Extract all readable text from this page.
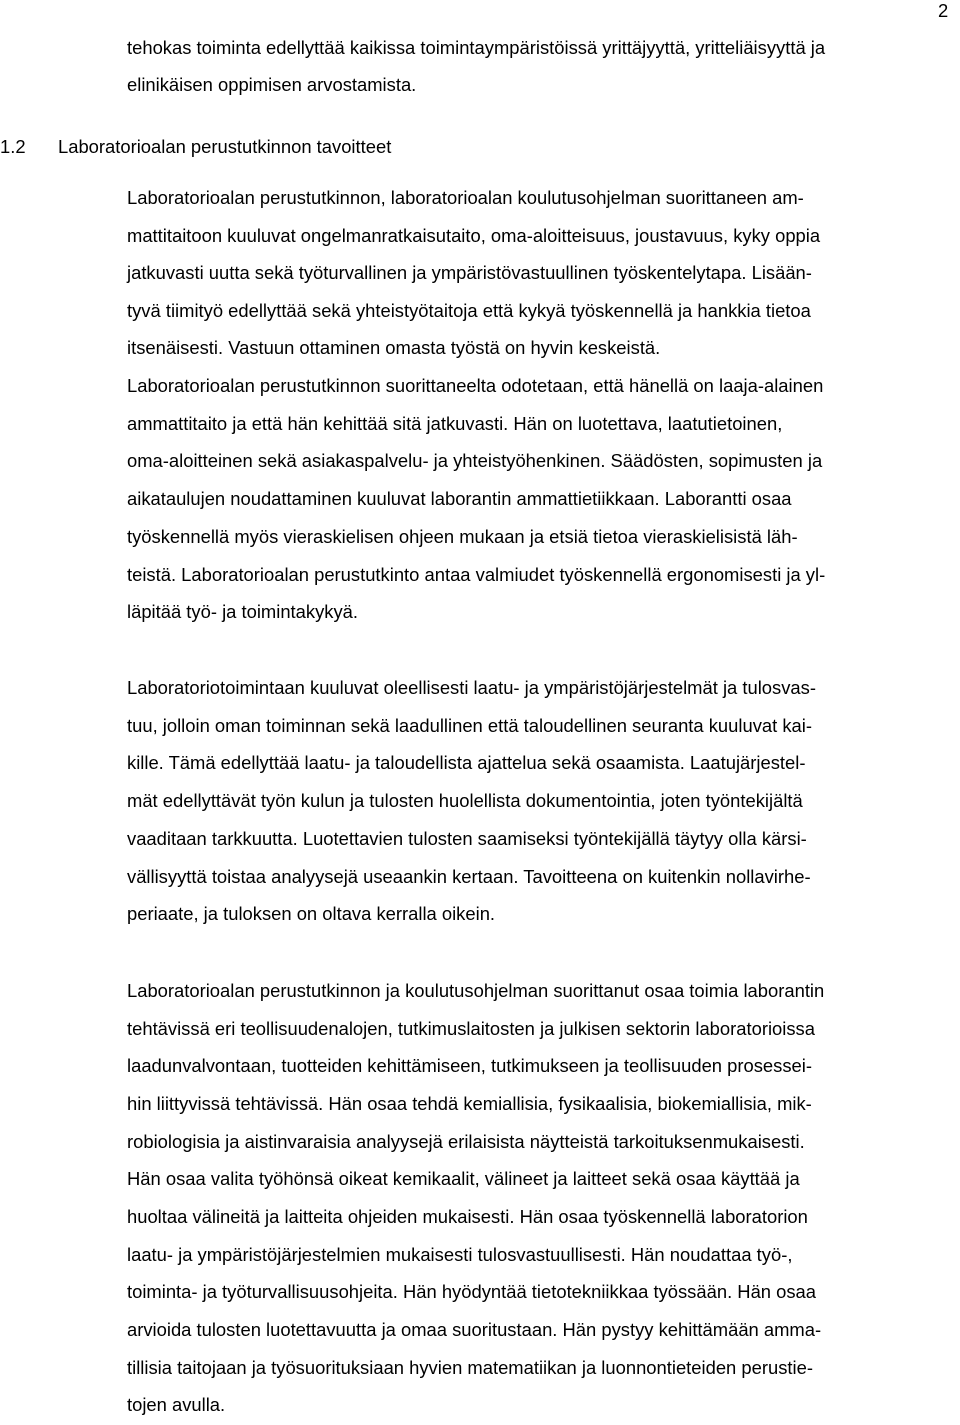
2
tehokas toiminta edellyttää kaikissa toimintaympäristöissä yrittäjyyttä, yritteliäisyyttä ja
elinikäisen oppimisen arvostamista.
1.2 Laboratorioalan perustutkinnon tavoitteet
Laboratorioalan perustutkinnon, laboratorioalan koulutusohjelman suorittaneen am-
mattitaitoon kuuluvat ongelmanratkaisutaito, oma-aloitteisuus, joustavuus, kyky oppia
jatkuvasti uutta sekä työturvallinen ja ympäristövastuullinen työskentelytapa. Lisään-
tyvä tiimityö edellyttää sekä yhteistyötaitoja että kykyä työskennellä ja hankkia tietoa
itsenäisesti. Vastuun ottaminen omasta työstä on hyvin keskeistä.
Laboratorioalan perustutkinnon suorittaneelta odotetaan, että hänellä on laaja-alainen
ammattitaito ja että hän kehittää sitä jatkuvasti. Hän on luotettava, laatutietoinen,
oma-aloitteinen sekä asiakaspalvelu- ja yhteistyöhenkinen. Säädösten, sopimusten ja
aikataulujen noudattaminen kuuluvat laborantin ammattietiikkaan. Laborantti osaa
työskennellä myös vieraskielisen ohjeen mukaan ja etsiä tietoa vieraskielisistä läh-
teistä. Laboratorioalan perustutkinto antaa valmiudet työskennellä ergonomisesti ja yl-
läpitää työ- ja toimintakykyä.
Laboratoriotoimintaan kuuluvat oleellisesti laatu- ja ympäristöjärjestelmät ja tulosvas-
tuu, jolloin oman toiminnan sekä laadullinen että taloudellinen seuranta kuuluvat kai-
kille. Tämä edellyttää laatu- ja taloudellista ajattelua sekä osaamista. Laatujärjestel-
mät edellyttävät työn kulun ja tulosten huolellista dokumentointia, joten työntekijältä
vaaditaan tarkkuutta. Luotettavien tulosten saamiseksi työntekijällä täytyy olla kärsi-
vällisyyttä toistaa analyysejä useaankin kertaan. Tavoitteena on kuitenkin nollavirhe-
periaate, ja tuloksen on oltava kerralla oikein.
Laboratorioalan perustutkinnon ja koulutusohjelman suorittanut osaa toimia laborantin
tehtävissä eri teollisuudenalojen, tutkimuslaitosten ja julkisen sektorin laboratorioissa
laadunvalvontaan, tuotteiden kehittämiseen, tutkimukseen ja teollisuuden prosessei-
hin liittyvissä tehtävissä. Hän osaa tehdä kemiallisia, fysikaalisia, biokemiallisia, mik-
robiologisia ja aistinvaraisia analyysejä erilaisista näytteistä tarkoituksenmukaisesti.
Hän osaa valita työhönsä oikeat kemikaalit, välineet ja laitteet sekä osaa käyttää ja
huoltaa välineitä ja laitteita ohjeiden mukaisesti. Hän osaa työskennellä laboratorion
laatu- ja ympäristöjärjestelmien mukaisesti tulosvastuullisesti. Hän noudattaa työ-,
toiminta- ja työturvallisuusohjeita. Hän hyödyntää tietotekniikkaa työssään. Hän osaa
arvioida tulosten luotettavuutta ja omaa suoritustaan. Hän pystyy kehittämään amma-
tillisia taitojaan ja työsuorituksiaan hyvien matematiikan ja luonnontieteiden perustie-
tojen avulla.
